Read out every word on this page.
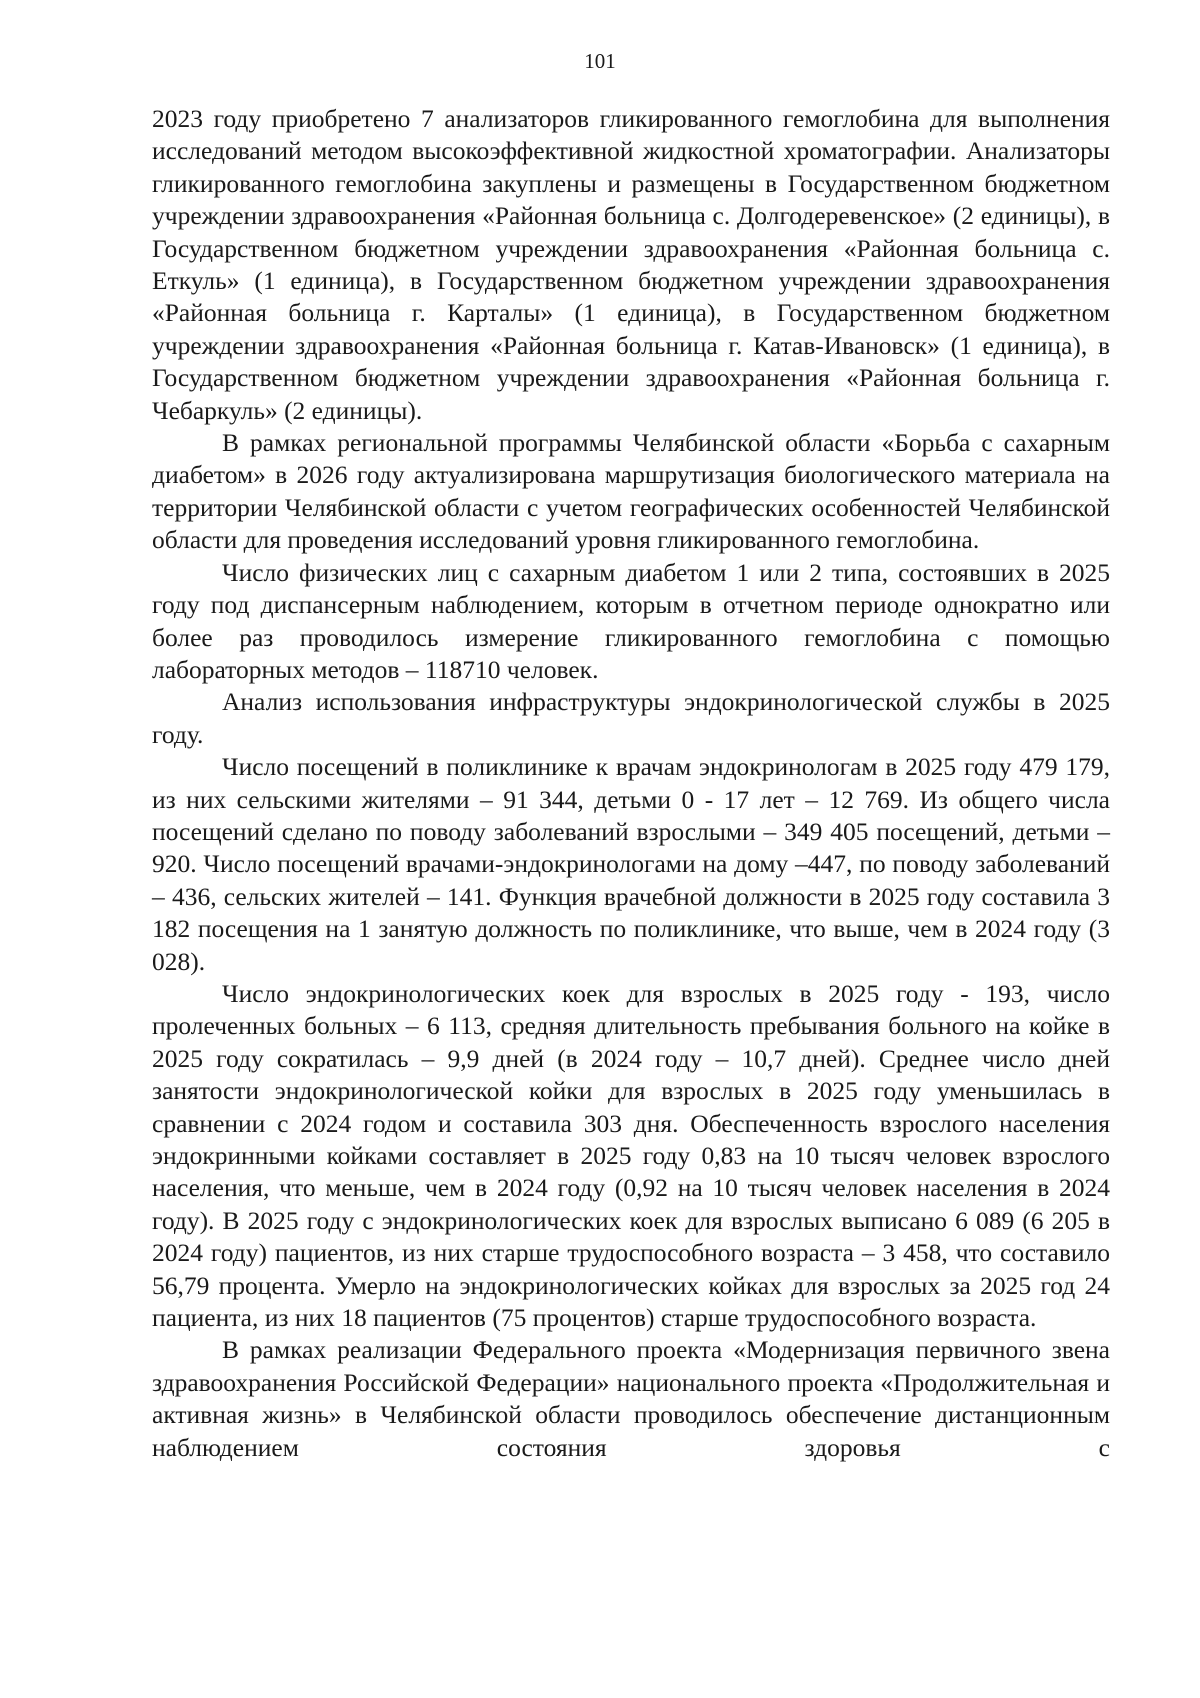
101

2023 году приобретено 7 анализаторов гликированного гемоглобина для выполнения исследований методом высокоэффективной жидкостной хроматографии. Анализаторы гликированного гемоглобина закуплены и размещены в Государственном бюджетном учреждении здравоохранения «Районная больница с. Долгодеревенское» (2 единицы), в Государственном бюджетном учреждении здравоохранения «Районная больница с. Еткуль» (1 единица), в Государственном бюджетном учреждении здравоохранения «Районная больница г. Карталы» (1 единица), в Государственном бюджетном учреждении здравоохранения «Районная больница г. Катав-Ивановск» (1 единица), в Государственном бюджетном учреждении здравоохранения «Районная больница г. Чебаркуль» (2 единицы).

В рамках региональной программы Челябинской области «Борьба с сахарным диабетом» в 2026 году актуализирована маршрутизация биологического материала на территории Челябинской области с учетом географических особенностей Челябинской области для проведения исследований уровня гликированного гемоглобина.

Число физических лиц с сахарным диабетом 1 или 2 типа, состоявших в 2025 году под диспансерным наблюдением, которым в отчетном периоде однократно или более раз проводилось измерение гликированного гемоглобина с помощью лабораторных методов – 118710 человек.

Анализ использования инфраструктуры эндокринологической службы в 2025 году.

Число посещений в поликлинике к врачам эндокринологам в 2025 году 479 179, из них сельскими жителями – 91 344, детьми 0 - 17 лет – 12 769. Из общего числа посещений сделано по поводу заболеваний взрослыми – 349 405 посещений, детьми – 920. Число посещений врачами-эндокринологами на дому –447, по поводу заболеваний – 436, сельских жителей – 141. Функция врачебной должности в 2025 году составила 3 182 посещения на 1 занятую должность по поликлинике, что выше, чем в 2024 году (3 028).

Число эндокринологических коек для взрослых в 2025 году - 193, число пролеченных больных – 6 113, средняя длительность пребывания больного на койке в 2025 году сократилась – 9,9 дней (в 2024 году – 10,7 дней). Среднее число дней занятости эндокринологической койки для взрослых в 2025 году уменьшилась в сравнении с 2024 годом и составила 303 дня. Обеспеченность взрослого населения эндокринными койками составляет в 2025 году 0,83 на 10 тысяч человек взрослого населения, что меньше, чем в 2024 году (0,92 на 10 тысяч человек населения в 2024 году). В 2025 году с эндокринологических коек для взрослых выписано 6 089 (6 205 в 2024 году) пациентов, из них старше трудоспособного возраста – 3 458, что составило 56,79 процента. Умерло на эндокринологических койках для взрослых за 2025 год 24 пациента, из них 18 пациентов (75 процентов) старше трудоспособного возраста.

В рамках реализации Федерального проекта «Модернизация первичного звена здравоохранения Российской Федерации» национального проекта «Продолжительная и активная жизнь» в Челябинской области проводилось обеспечение дистанционным наблюдением состояния здоровья с
